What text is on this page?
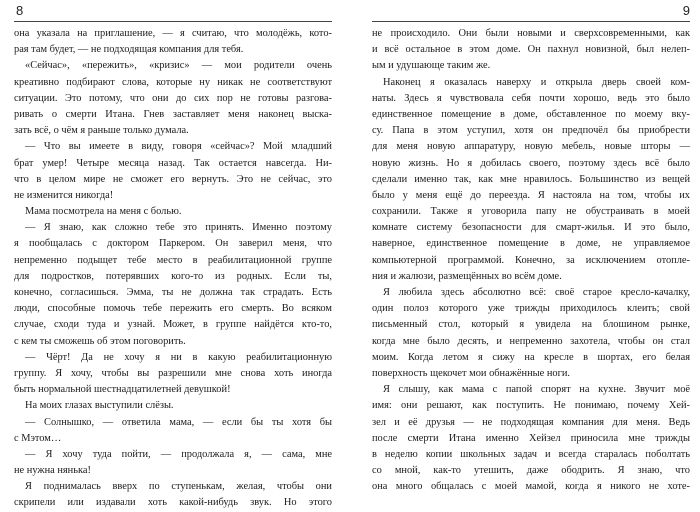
8
она указала на приглашение, — я считаю, что молодёжь, кото-
рая там будет, — не подходящая компания для тебя.
«Сейчас», «пережить», «кризис» — мои родители очень
креативно подбирают слова, которые ну никак не соответствуют
ситуации. Это потому, что они до сих пор не готовы разгова-
ривать о смерти Итана. Гнев заставляет меня наконец выска-
зать всё, о чём я раньше только думала.
— Что вы имеете в виду, говоря «сейчас»? Мой младший
брат умер! Четыре месяца назад. Так остается навсегда. Ни-
что в целом мире не сможет его вернуть. Это не сейчас, это
не изменится никогда!
Мама посмотрела на меня с болью.
— Я знаю, как сложно тебе это принять. Именно поэтому
я пообщалась с доктором Паркером. Он заверил меня, что
непременно подыщет тебе место в реабилитационной группе
для подростков, потерявших кого-то из родных. Если ты,
конечно, согласишься. Эмма, ты не должна так страдать. Есть
люди, способные помочь тебе пережить его смерть. Во всяком
случае, сходи туда и узнай. Может, в группе найдётся кто-то,
с кем ты сможешь об этом поговорить.
— Чёрт! Да не хочу я ни в какую реабилитационную
группу. Я хочу, чтобы вы разрешили мне снова хоть иногда
быть нормальной шестнадцатилетней девушкой!
На моих глазах выступили слёзы.
— Солнышко, — ответила мама, — если бы ты хотя бы
с Мэтом…
— Я хочу туда пойти, — продолжала я, — сама, мне
не нужна нянька!
Я поднималась вверх по ступенькам, желая, чтобы они
скрипели или издавали хоть какой-нибудь звук. Но этого
9
не происходило. Они были новыми и сверхсовременными, как
и всё остальное в этом доме. Он пахнул новизной, был нелеп-
ым и удушающе таким же.
Наконец я оказалась наверху и открыла дверь своей ком-
наты. Здесь я чувствовала себя почти хорошо, ведь это было
единственное помещение в доме, обставленное по моему вку-
су. Папа в этом уступил, хотя он предпочёл бы приобрести
для меня новую аппаратуру, новую мебель, новые шторы —
новую жизнь. Но я добилась своего, поэтому здесь всё было
сделали именно так, как мне нравилось. Большинство из вещей
было у меня ещё до переезда. Я настояла на том, чтобы их
сохранили. Также я уговорила папу не обустраивать в моей
комнате систему безопасности для смарт-жилья. И это было,
наверное, единственное помещение в доме, не управляемое
компьютерной программой. Конечно, за исключением отопле-
ния и жалюзи, размещённых во всём доме.
Я любила здесь абсолютно всё: своё старое кресло-качалку,
один полоз которого уже трижды приходилось клеить; свой
письменный стол, который я увидела на блошином рынке,
когда мне было десять, и непременно захотела, чтобы он стал
моим. Когда летом я сижу на кресле в шортах, его белая
поверхность щекочет мои обнажённые ноги.
Я слышу, как мама с папой спорят на кухне. Звучит моё
имя: они решают, как поступить. Не понимаю, почему Хей-
зел и её друзья — не подходящая компания для меня. Ведь
после смерти Итана именно Хейзел приносила мне трижды
в неделю копии школьных задач и всегда старалась поболтать
со мной, как-то утешить, даже ободрить. Я знаю, что
она много общалась с моей мамой, когда я никого не хоте-
